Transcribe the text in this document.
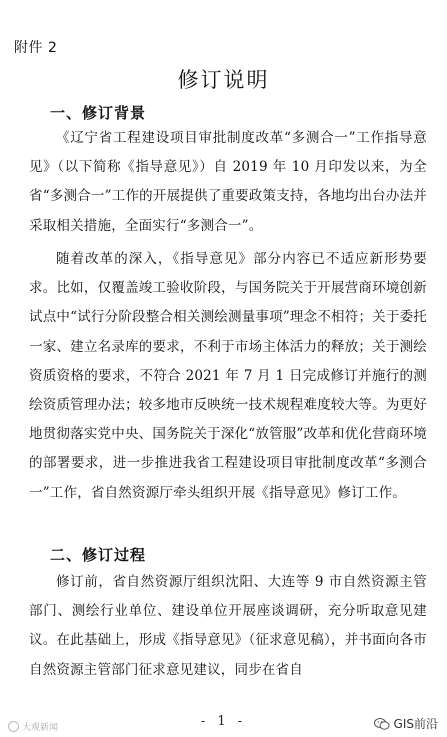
附件 2
修订说明
一、修订背景
《辽宁省工程建设项目审批制度改革“多测合一”工作指导意见》（以下简称《指导意见》）自 2019 年 10 月印发以来，为全省“多测合一”工作的开展提供了重要政策支持，各地均出台办法并采取相关措施，全面实行“多测合一”。
随着改革的深入，《指导意见》部分内容已不适应新形势要求。比如，仅覆盖竣工验收阶段，与国务院关于开展营商环境创新试点中“试行分阶段整合相关测绘测量事项”理念不相符；关于委托一家、建立名录库的要求，不利于市场主体活力的释放；关于测绘资质资格的要求，不符合 2021 年 7 月 1 日完成修订并施行的测绘资质管理办法；较多地市反映统一技术规程难度较大等。为更好地贯彻落实党中央、国务院关于深化“放管服”改革和优化营商环境的部署要求，进一步推进我省工程建设项目审批制度改革“多测合一”工作，省自然资源厅牵头组织开展《指导意见》修订工作。
二、修订过程
修订前，省自然资源厅组织沈阳、大连等 9 市自然资源主管部门、测绘行业单位、建设单位开展座谈调研，充分听取意见建议。在此基础上，形成《指导意见》（征求意见稿），并书面向各市自然资源主管部门征求意见建议，同步在省自
- 1 -
大观新闻	GIS前沿
